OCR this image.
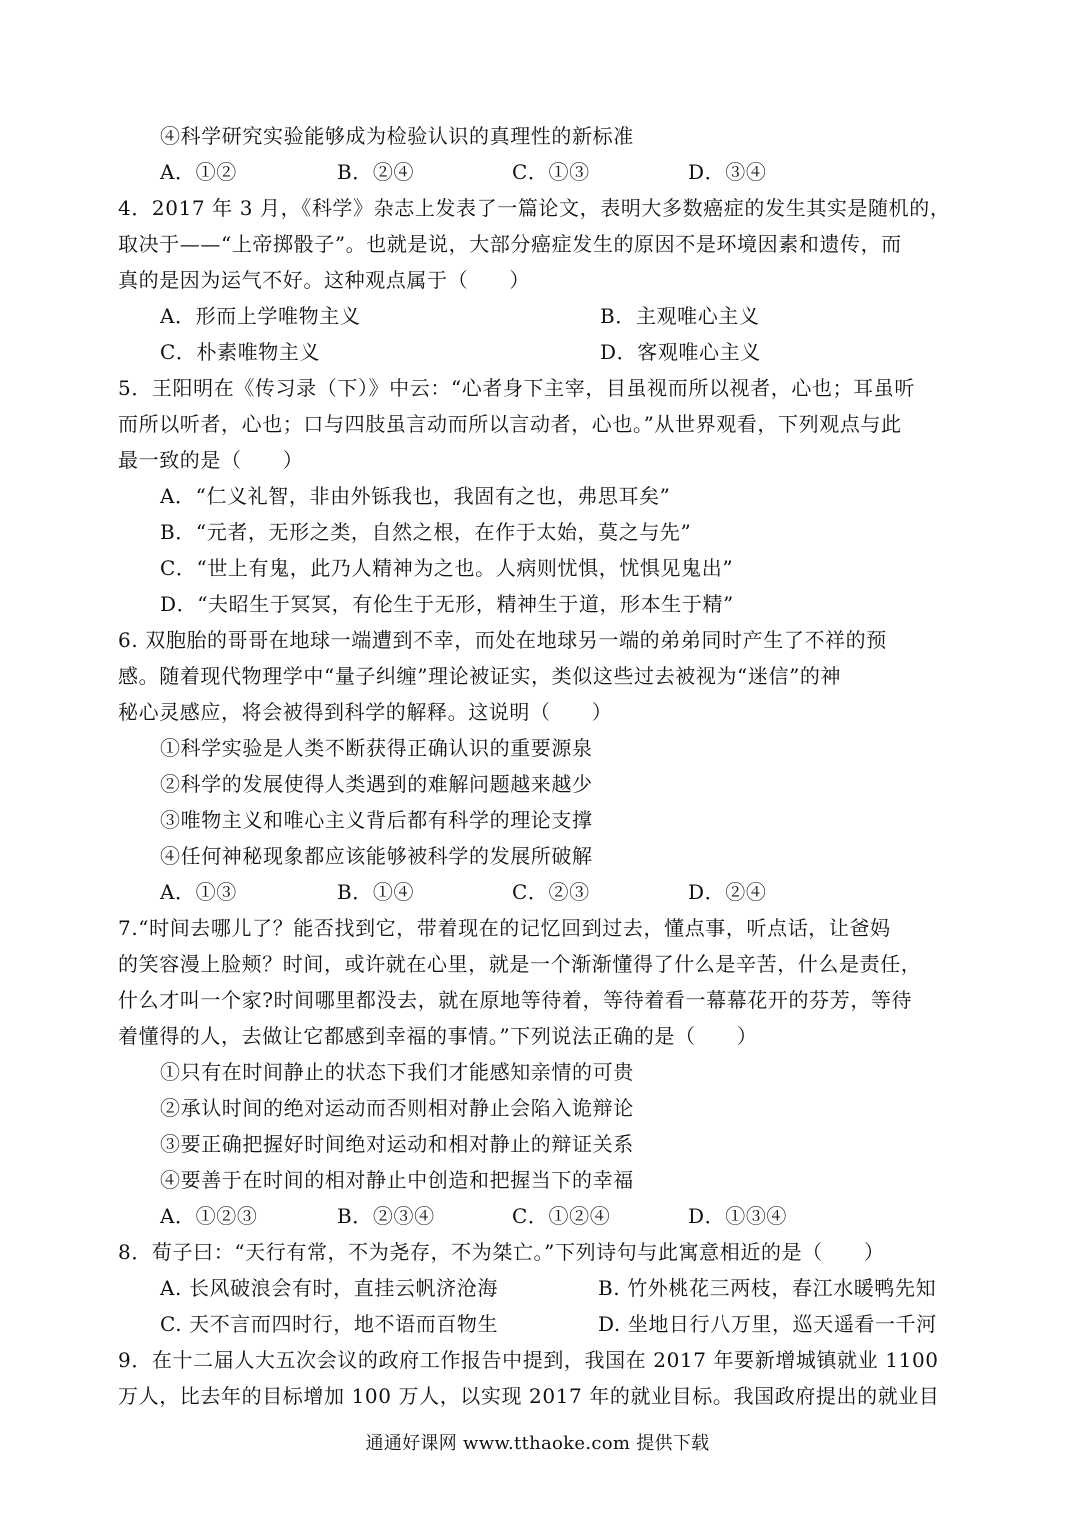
④科学研究实验能够成为检验认识的真理性的新标准
A．①②	B．②④	C．①③	D．③④
4．2017 年 3 月，《科学》杂志上发表了一篇论文，表明大多数癌症的发生其实是随机的，
取决于——“上帝掷骰子”。也就是说，大部分癌症发生的原因不是环境因素和遗传，而
真的是因为运气不好。这种观点属于（　　）
A．形而上学唯物主义	B．主观唯心主义
C．朴素唯物主义	D．客观唯心主义
5．王阳明在《传习录（下）》中云：“心者身下主宰，目虽视而所以视者，心也；耳虽听
而所以听者，心也；口与四肢虽言动而所以言动者，心也。”从世界观看，下列观点与此
最一致的是（　　）
A．“仁义礼智，非由外铄我也，我固有之也，弗思耳矣”
B．“元者，无形之类，自然之根，在作于太始，莫之与先”
C．“世上有鬼，此乃人精神为之也。人病则忧惧，忧惧见鬼出”
D．“夫昭生于冥冥，有伦生于无形，精神生于道，形本生于精”
6. 双胞胎的哥哥在地球一端遭到不幸，而处在地球另一端的弟弟同时产生了不祥的预
感。随着现代物理学中“量子纠缠”理论被证实，类似这些过去被视为“迷信”的神
秘心灵感应，将会被得到科学的解释。这说明（　　）
①科学实验是人类不断获得正确认识的重要源泉
②科学的发展使得人类遇到的难解问题越来越少
③唯物主义和唯心主义背后都有科学的理论支撑
④任何神秘现象都应该能够被科学的发展所破解
A．①③	B．①④	C．②③	D．②④
7.“时间去哪儿了？能否找到它，带着现在的记忆回到过去，懂点事，听点话，让爸妈
的笑容漫上脸颊？时间，或许就在心里，就是一个渐渐懂得了什么是辛苦，什么是责任，
什么才叫一个家?时间哪里都没去，就在原地等待着，等待着看一幕幕花开的芬芳，等待
着懂得的人，去做让它都感到幸福的事情。”下列说法正确的是（　　）
①只有在时间静止的状态下我们才能感知亲情的可贵
②承认时间的绝对运动而否则相对静止会陷入诡辩论
③要正确把握好时间绝对运动和相对静止的辩证关系
④要善于在时间的相对静止中创造和把握当下的幸福
A．①②③	B．②③④	C．①②④	D．①③④
8．荀子曰：“天行有常，不为尧存，不为桀亡。”下列诗句与此寓意相近的是（　　）
A. 长风破浪会有时，直挂云帆济沧海	B. 竹外桃花三两枝，春江水暖鸭先知
C. 天不言而四时行，地不语而百物生	D. 坐地日行八万里，巡天遥看一千河
9．在十二届人大五次会议的政府工作报告中提到，我国在 2017 年要新增城镇就业 1100
万人，比去年的目标增加 100 万人，以实现 2017 年的就业目标。我国政府提出的就业目
通通好课网 www.tthaoke.com 提供下载
